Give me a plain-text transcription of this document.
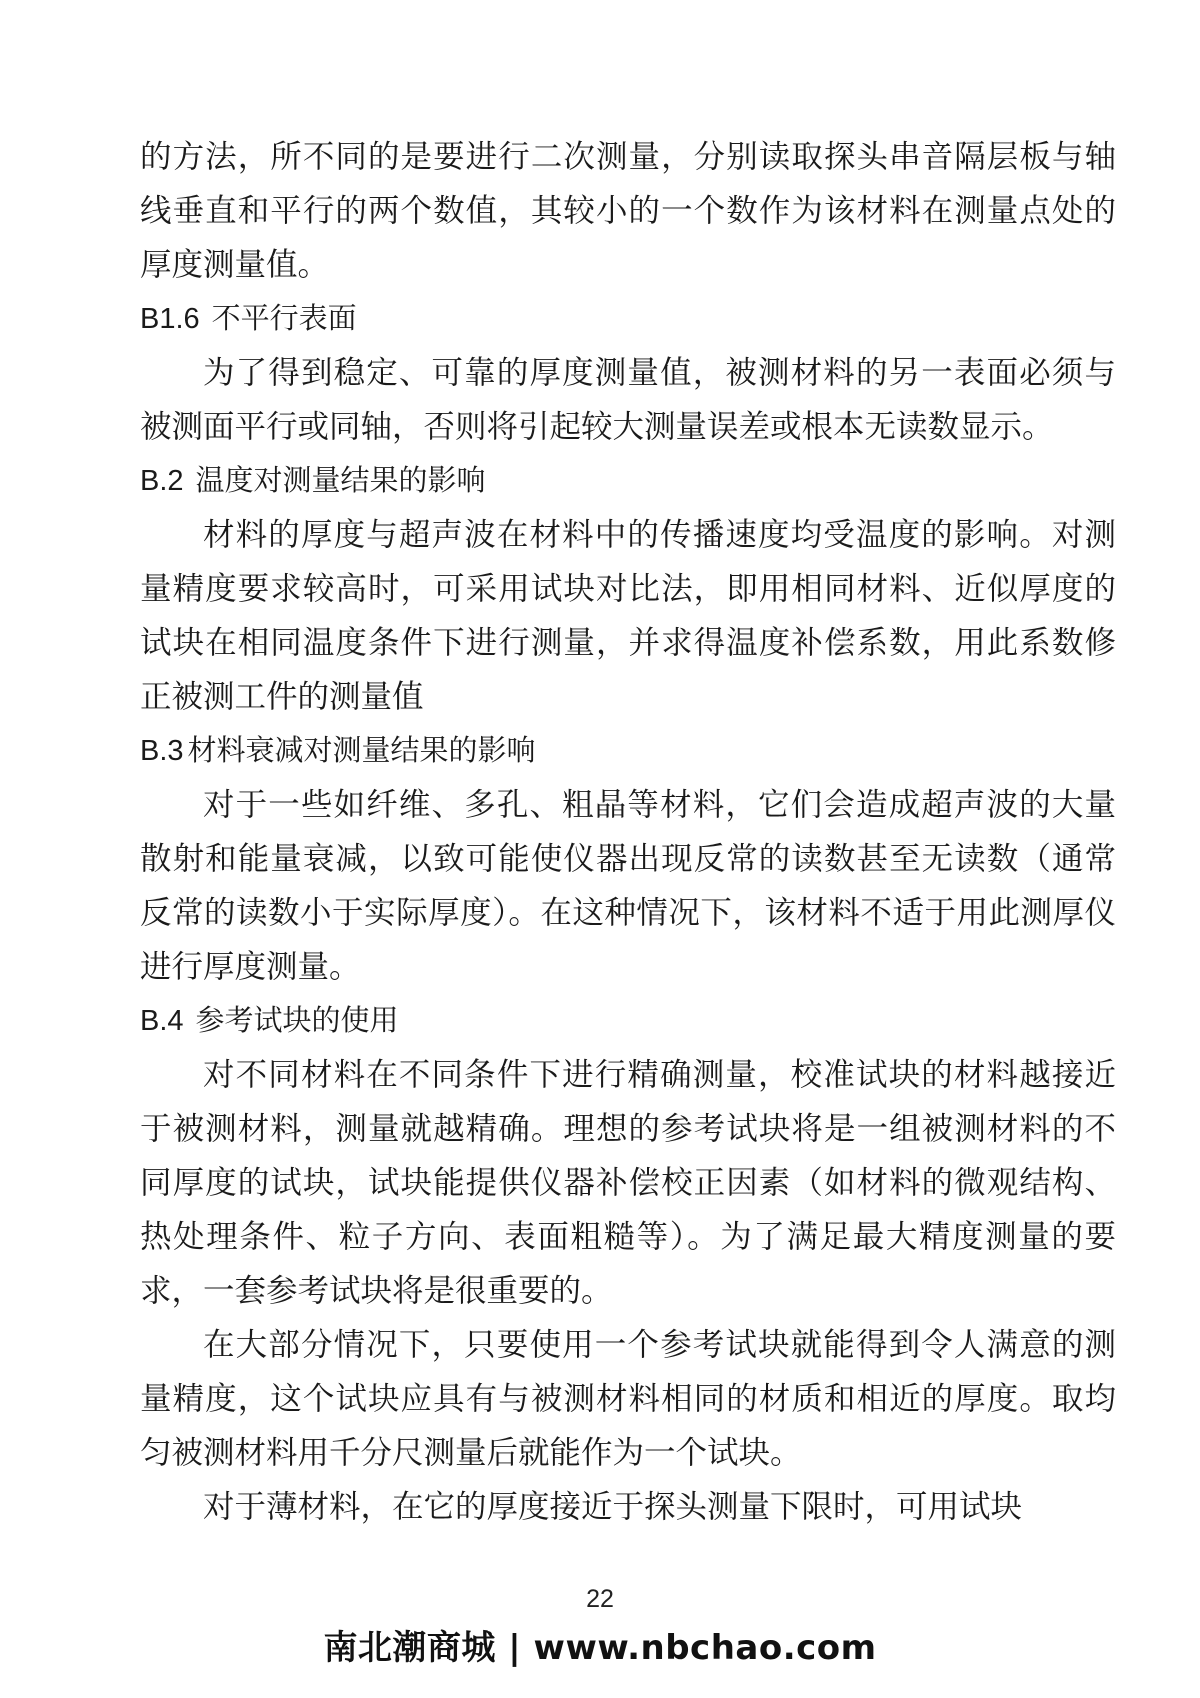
的方法，所不同的是要进行二次测量，分别读取探头串音隔层板与轴线垂直和平行的两个数值，其较小的一个数作为该材料在测量点处的厚度测量值。

B1.6 不平行表面

为了得到稳定、可靠的厚度测量值，被测材料的另一表面必须与被测面平行或同轴，否则将引起较大测量误差或根本无读数显示。

B.2 温度对测量结果的影响

材料的厚度与超声波在材料中的传播速度均受温度的影响。对测量精度要求较高时，可采用试块对比法，即用相同材料、近似厚度的试块在相同温度条件下进行测量，并求得温度补偿系数，用此系数修正被测工件的测量值

B.3 材料衰减对测量结果的影响

对于一些如纤维、多孔、粗晶等材料，它们会造成超声波的大量散射和能量衰减，以致可能使仪器出现反常的读数甚至无读数（通常反常的读数小于实际厚度）。在这种情况下，该材料不适于用此测厚仪进行厚度测量。

B.4 参考试块的使用

对不同材料在不同条件下进行精确测量，校准试块的材料越接近于被测材料，测量就越精确。理想的参考试块将是一组被测材料的不同厚度的试块，试块能提供仪器补偿校正因素（如材料的微观结构、热处理条件、粒子方向、表面粗糙等）。为了满足最大精度测量的要求，一套参考试块将是很重要的。

在大部分情况下，只要使用一个参考试块就能得到令人满意的测量精度，这个试块应具有与被测材料相同的材质和相近的厚度。取均匀被测材料用千分尺测量后就能作为一个试块。

对于薄材料，在它的厚度接近于探头测量下限时，可用试块

22
南北潮商城 | www.nbchao.com
